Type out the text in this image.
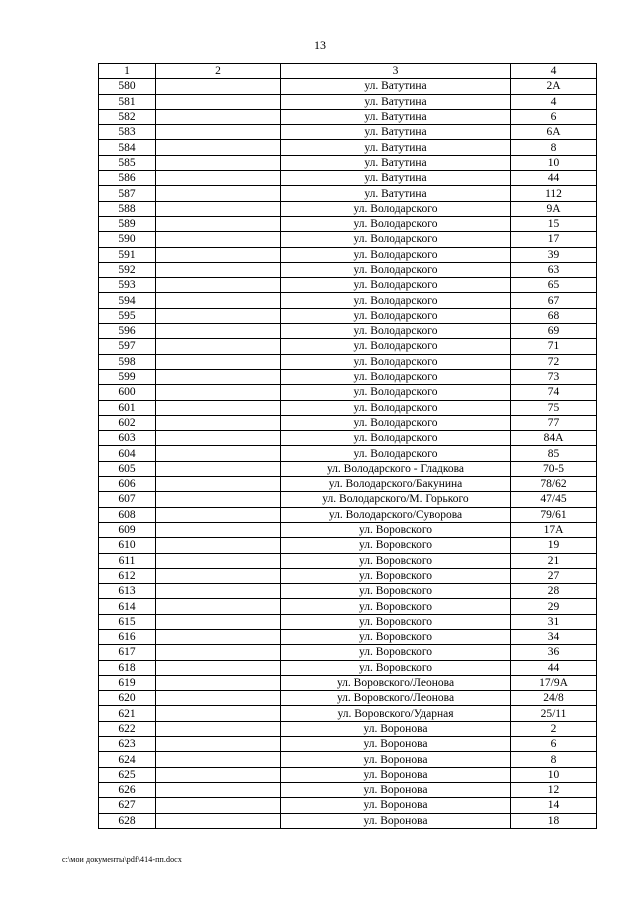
13
1	2	3	4
580		ул. Ватутина	2А
581		ул. Ватутина	4
582		ул. Ватутина	6
583		ул. Ватутина	6А
584		ул. Ватутина	8
585		ул. Ватутина	10
586		ул. Ватутина	44
587		ул. Ватутина	112
588		ул. Володарского	9А
589		ул. Володарского	15
590		ул. Володарского	17
591		ул. Володарского	39
592		ул. Володарского	63
593		ул. Володарского	65
594		ул. Володарского	67
595		ул. Володарского	68
596		ул. Володарского	69
597		ул. Володарского	71
598		ул. Володарского	72
599		ул. Володарского	73
600		ул. Володарского	74
601		ул. Володарского	75
602		ул. Володарского	77
603		ул. Володарского	84А
604		ул. Володарского	85
605		ул. Володарского - Гладкова	70-5
606		ул. Володарского/Бакунина	78/62
607		ул. Володарского/М. Горького	47/45
608		ул. Володарского/Суворова	79/61
609		ул. Воровского	17А
610		ул. Воровского	19
611		ул. Воровского	21
612		ул. Воровского	27
613		ул. Воровского	28
614		ул. Воровского	29
615		ул. Воровского	31
616		ул. Воровского	34
617		ул. Воровского	36
618		ул. Воровского	44
619		ул. Воровского/Леонова	17/9А
620		ул. Воровского/Леонова	24/8
621		ул. Воровского/Ударная	25/11
622		ул. Воронова	2
623		ул. Воронова	6
624		ул. Воронова	8
625		ул. Воронова	10
626		ул. Воронова	12
627		ул. Воронова	14
628		ул. Воронова	18
c:\мои документы\pdf\414-пп.docx
